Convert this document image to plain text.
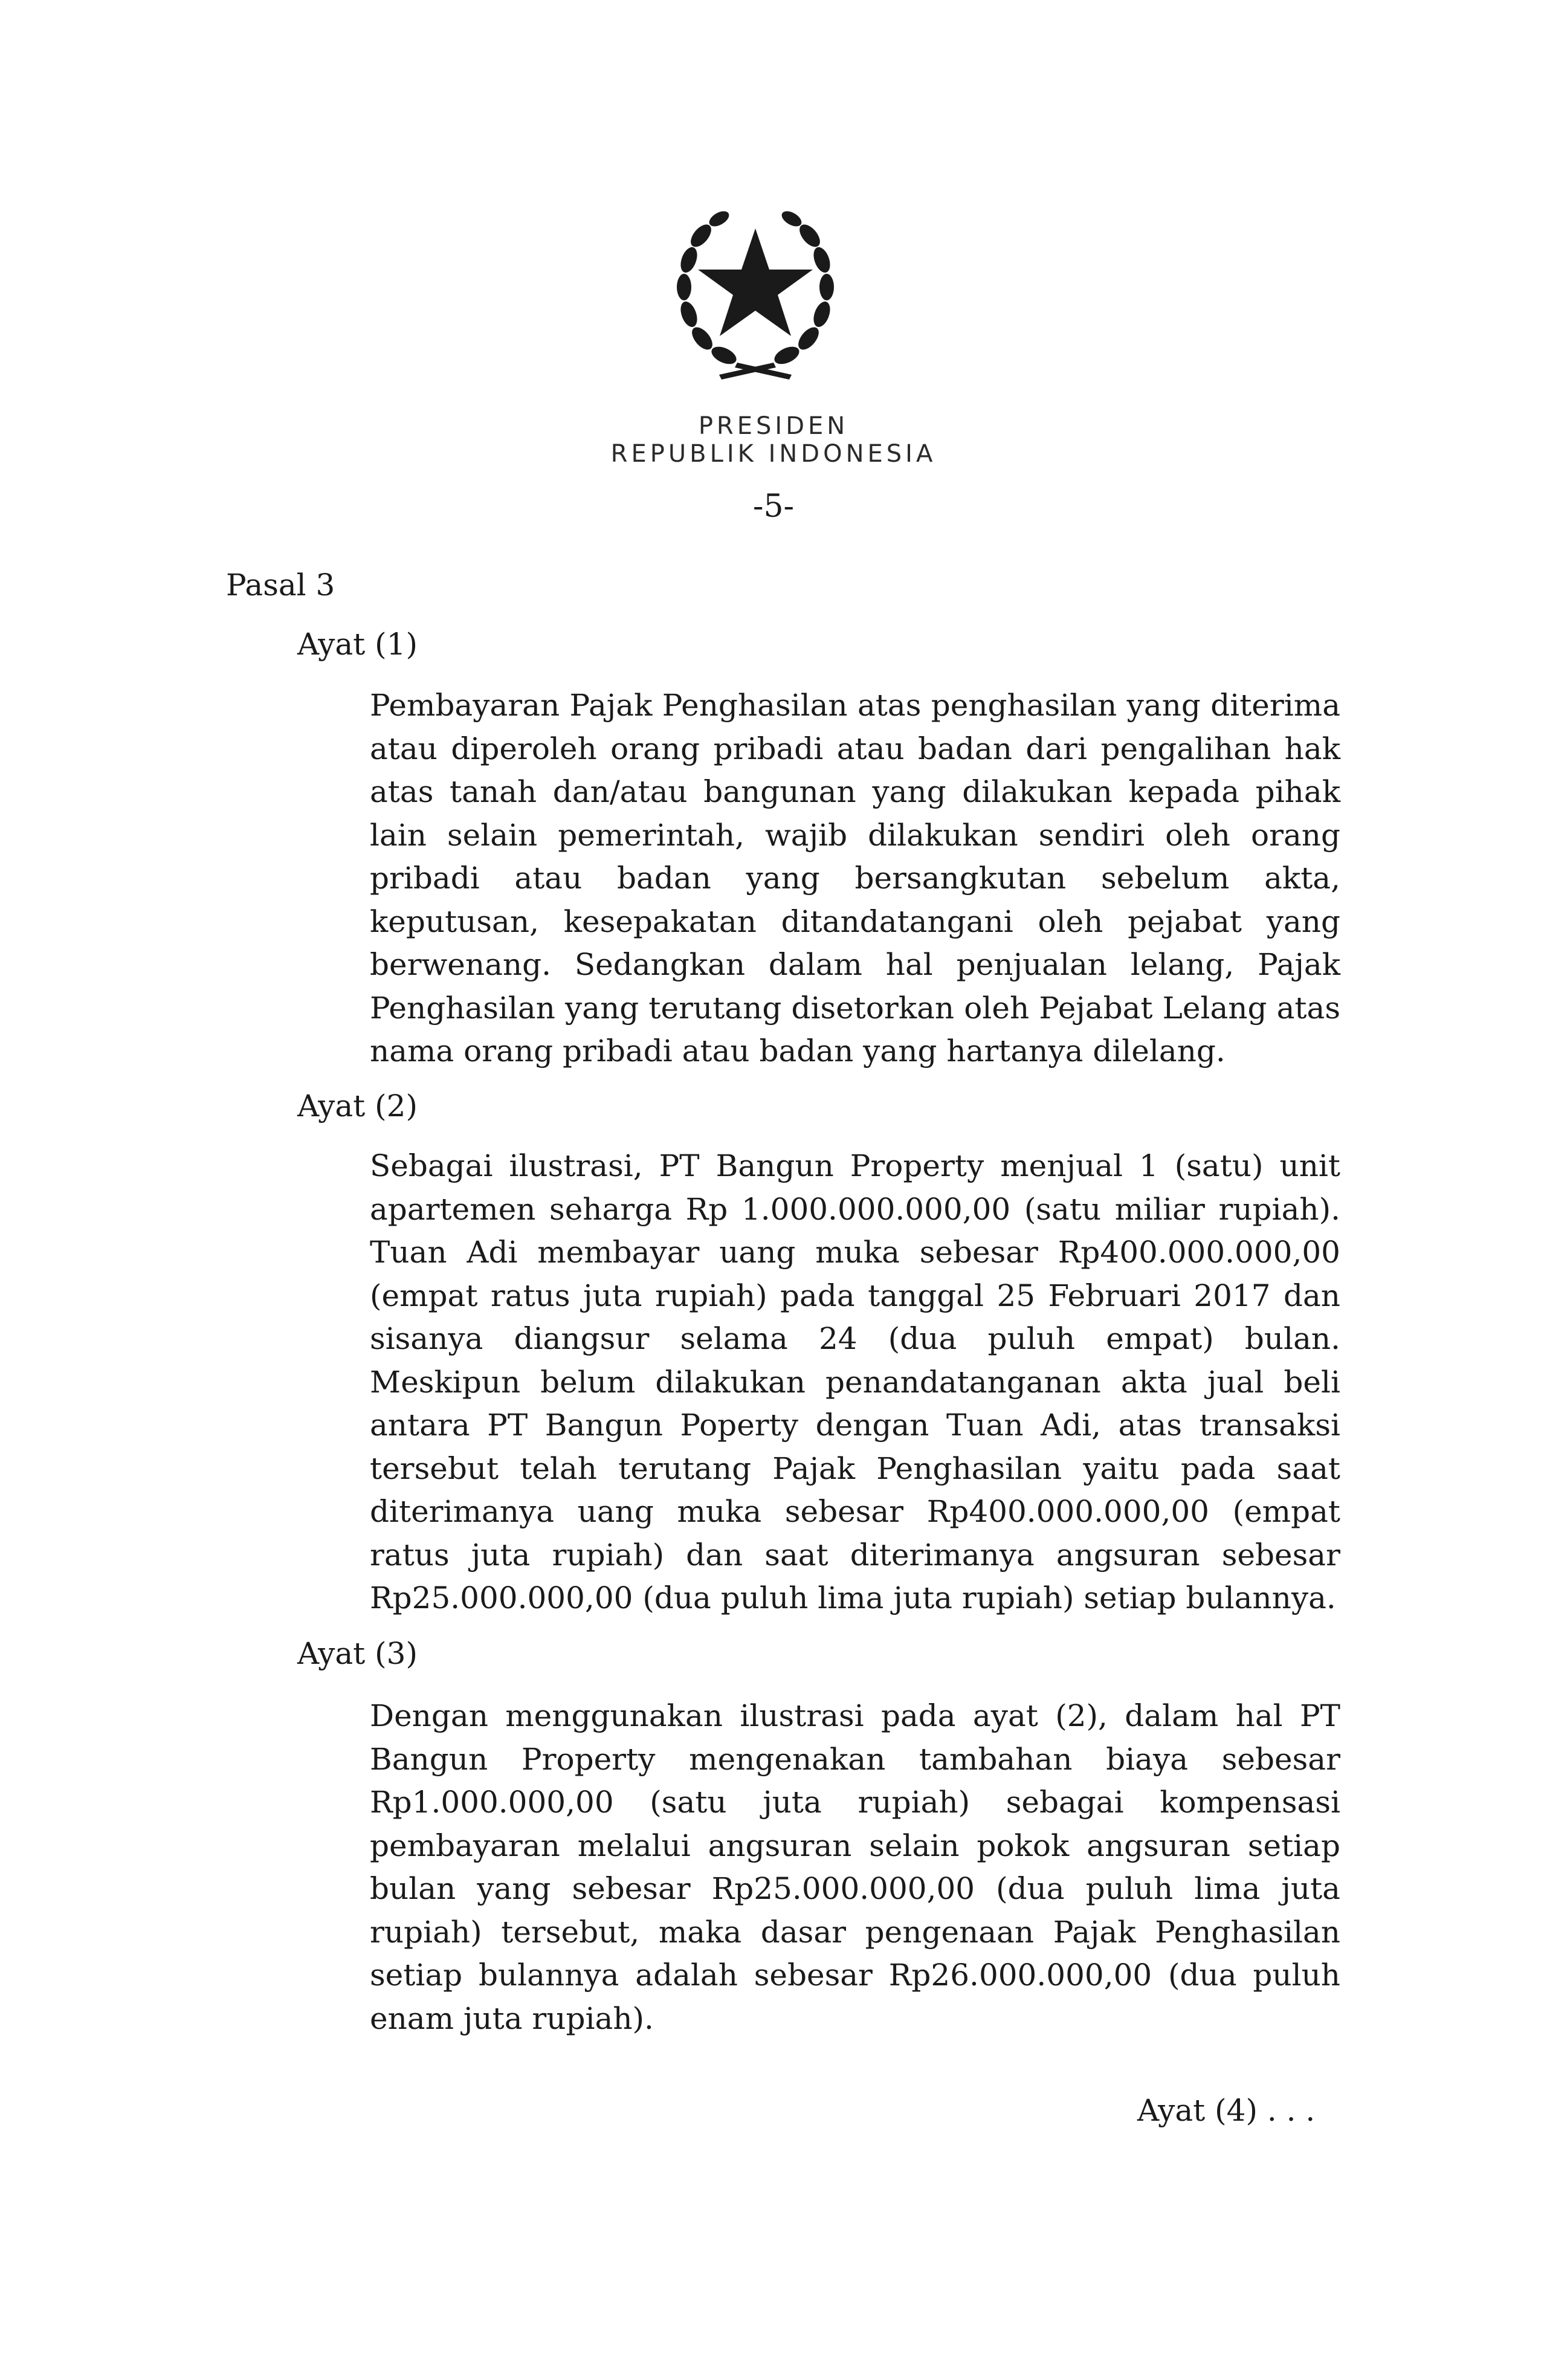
PRESIDEN
REPUBLIK INDONESIA
-5-

Pasal 3

Ayat (1)

Pembayaran Pajak Penghasilan atas penghasilan yang diterima atau diperoleh orang pribadi atau badan dari pengalihan hak atas tanah dan/atau bangunan yang dilakukan kepada pihak lain selain pemerintah, wajib dilakukan sendiri oleh orang pribadi atau badan yang bersangkutan sebelum akta, keputusan, kesepakatan ditandatangani oleh pejabat yang berwenang. Sedangkan dalam hal penjualan lelang, Pajak Penghasilan yang terutang disetorkan oleh Pejabat Lelang atas nama orang pribadi atau badan yang hartanya dilelang.

Ayat (2)

Sebagai ilustrasi, PT Bangun Property menjual 1 (satu) unit apartemen seharga Rp 1.000.000.000,00 (satu miliar rupiah). Tuan Adi membayar uang muka sebesar Rp400.000.000,00 (empat ratus juta rupiah) pada tanggal 25 Februari 2017 dan sisanya diangsur selama 24 (dua puluh empat) bulan. Meskipun belum dilakukan penandatanganan akta jual beli antara PT Bangun Poperty dengan Tuan Adi, atas transaksi tersebut telah terutang Pajak Penghasilan yaitu pada saat diterimanya uang muka sebesar Rp400.000.000,00 (empat ratus juta rupiah) dan saat diterimanya angsuran sebesar Rp25.000.000,00 (dua puluh lima juta rupiah) setiap bulannya.

Ayat (3)

Dengan menggunakan ilustrasi pada ayat (2), dalam hal PT Bangun Property mengenakan tambahan biaya sebesar Rp1.000.000,00 (satu juta rupiah) sebagai kompensasi pembayaran melalui angsuran selain pokok angsuran setiap bulan yang sebesar Rp25.000.000,00 (dua puluh lima juta rupiah) tersebut, maka dasar pengenaan Pajak Penghasilan setiap bulannya adalah sebesar Rp26.000.000,00 (dua puluh enam juta rupiah).

Ayat (4) . . .
